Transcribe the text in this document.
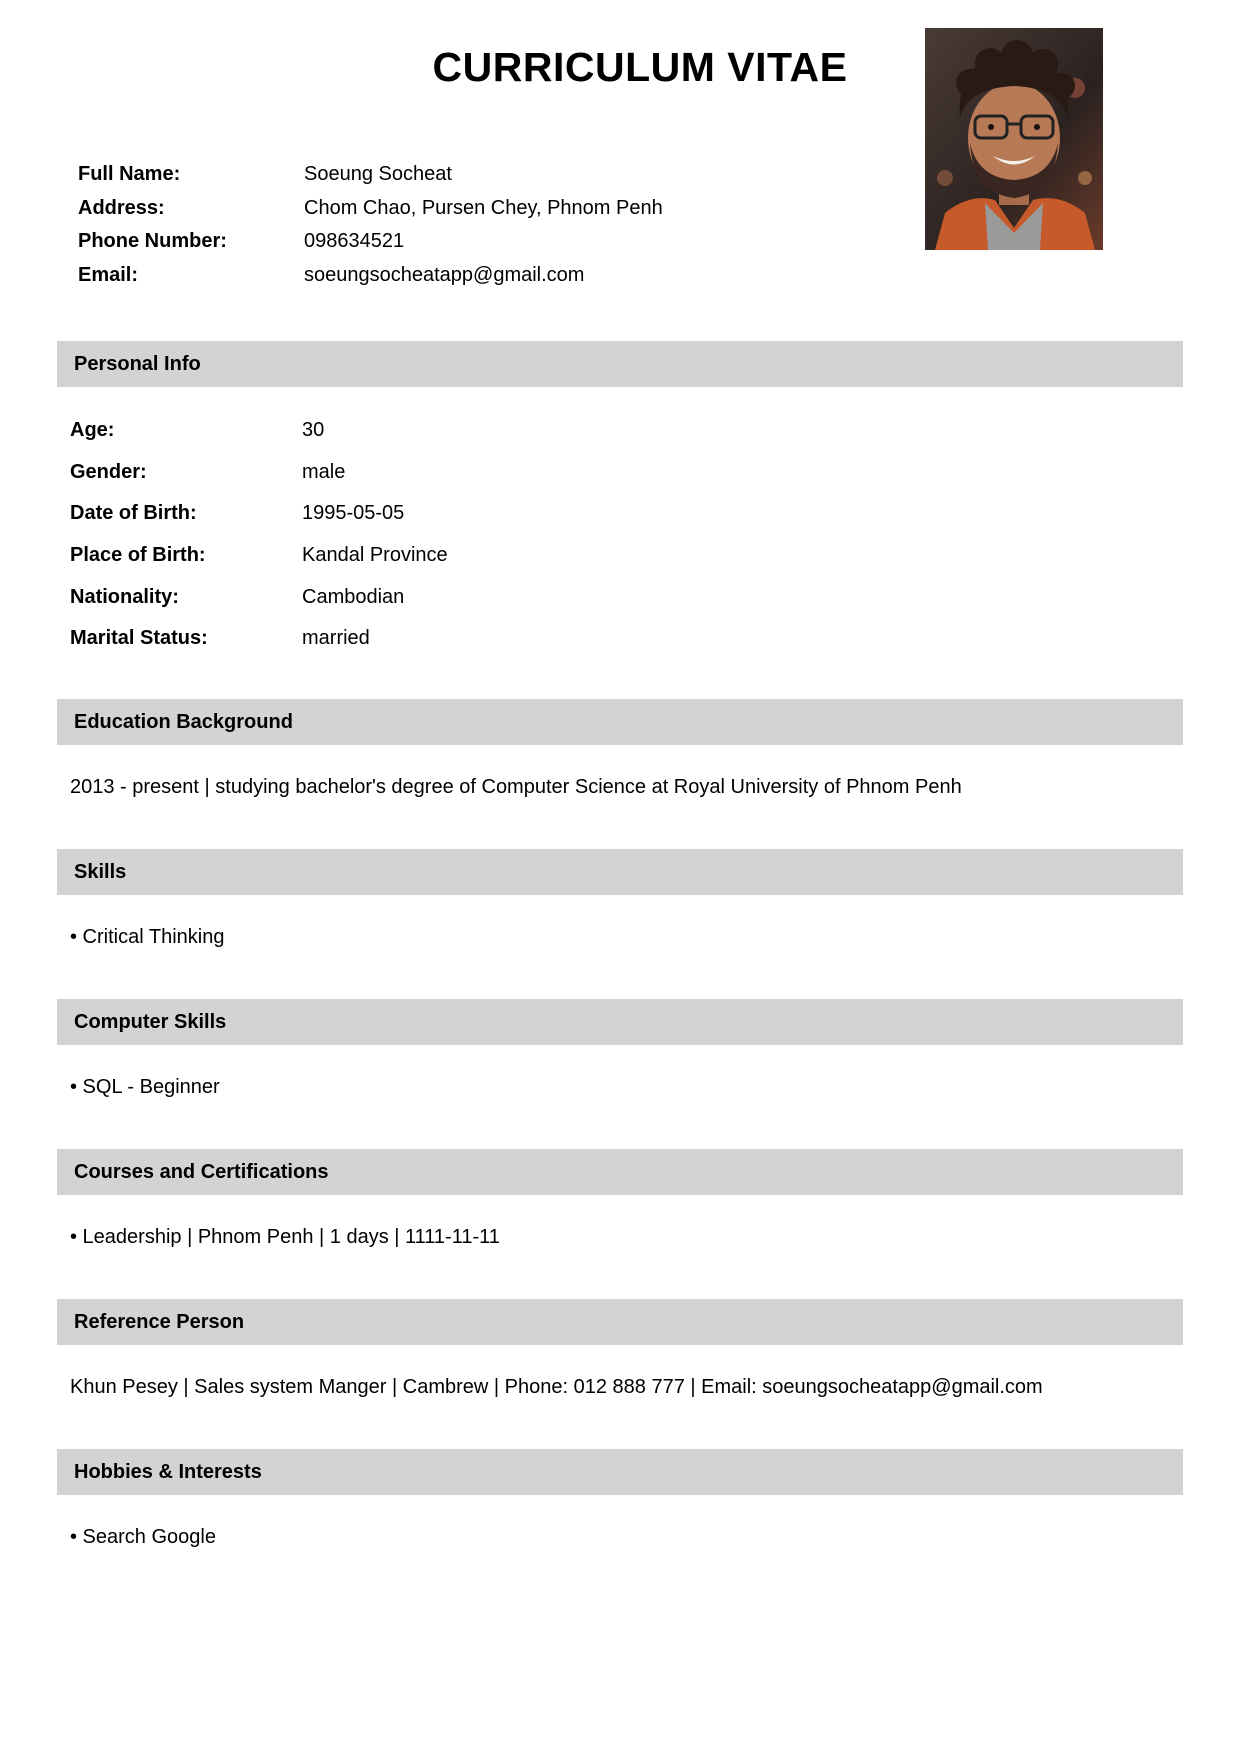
CURRICULUM VITAE
Full Name:	Soeung Socheat
Address:	Chom Chao, Pursen Chey, Phnom Penh
Phone Number:	098634521
Email:	soeungsocheatapp@gmail.com
Personal Info
Age:	30
Gender:	male
Date of Birth:	1995-05-05
Place of Birth:	Kandal Province
Nationality:	Cambodian
Marital Status:	married
Education Background
2013 - present | studying bachelor's degree of Computer Science at Royal University of Phnom Penh
Skills
• Critical Thinking
Computer Skills
• SQL - Beginner
Courses and Certifications
• Leadership | Phnom Penh | 1 days | 1111-11-11
Reference Person
Khun Pesey | Sales system Manger | Cambrew | Phone: 012 888 777 | Email: soeungsocheatapp@gmail.com
Hobbies & Interests
• Search Google
